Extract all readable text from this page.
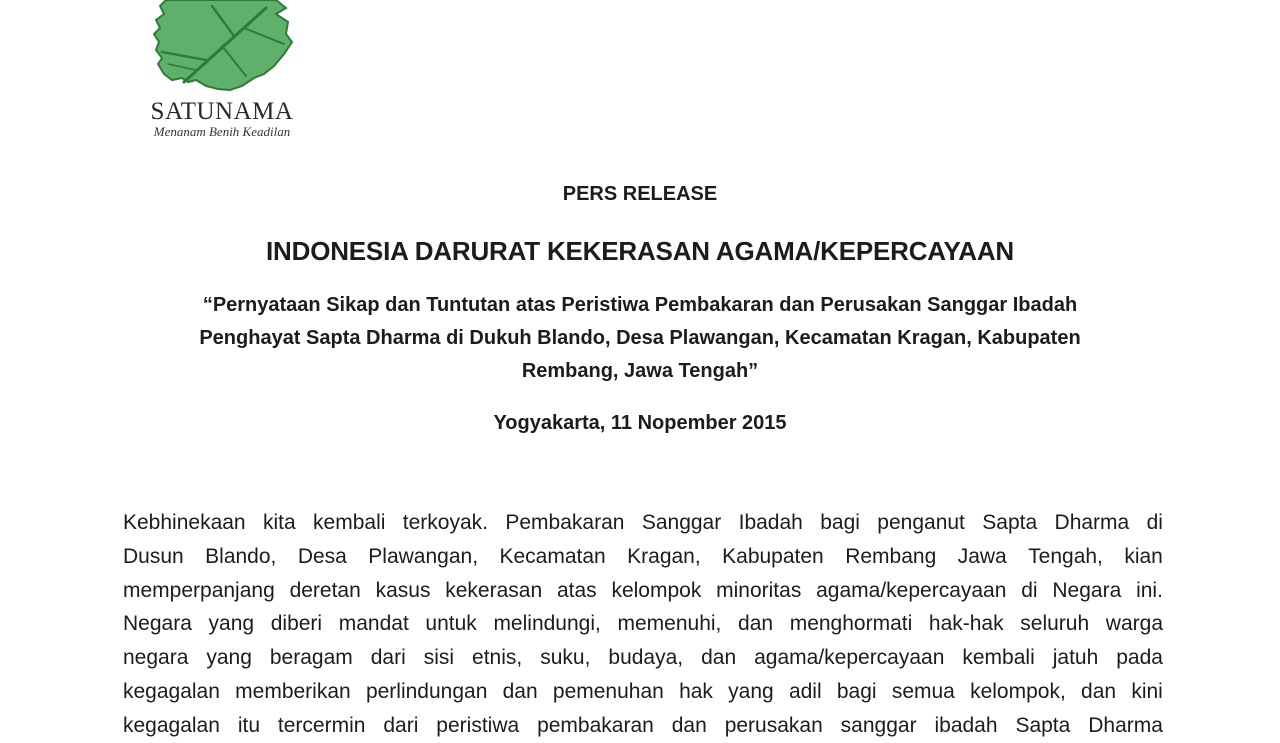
SATUNAMA
Menanam Benih Keadilan
PERS RELEASE
INDONESIA DARURAT KEKERASAN AGAMA/KEPERCAYAAN
“Pernyataan Sikap dan Tuntutan atas Peristiwa Pembakaran dan Perusakan Sanggar Ibadah
Penghayat Sapta Dharma di Dukuh Blando, Desa Plawangan, Kecamatan Kragan, Kabupaten
Rembang, Jawa Tengah”
Yogyakarta, 11 Nopember 2015
Kebhinekaan kita kembali terkoyak. Pembakaran Sanggar Ibadah bagi penganut Sapta Dharma di
Dusun Blando, Desa Plawangan, Kecamatan Kragan, Kabupaten Rembang Jawa Tengah, kian
memperpanjang deretan kasus kekerasan atas kelompok minoritas agama/kepercayaan di Negara ini.
Negara yang diberi mandat untuk melindungi, memenuhi, dan menghormati hak-hak seluruh warga
negara yang beragam dari sisi etnis, suku, budaya, dan agama/kepercayaan kembali jatuh pada
kegagalan memberikan perlindungan dan pemenuhan hak yang adil bagi semua kelompok, dan kini
kegagalan itu tercermin dari peristiwa pembakaran dan perusakan sanggar ibadah Sapta Dharma
